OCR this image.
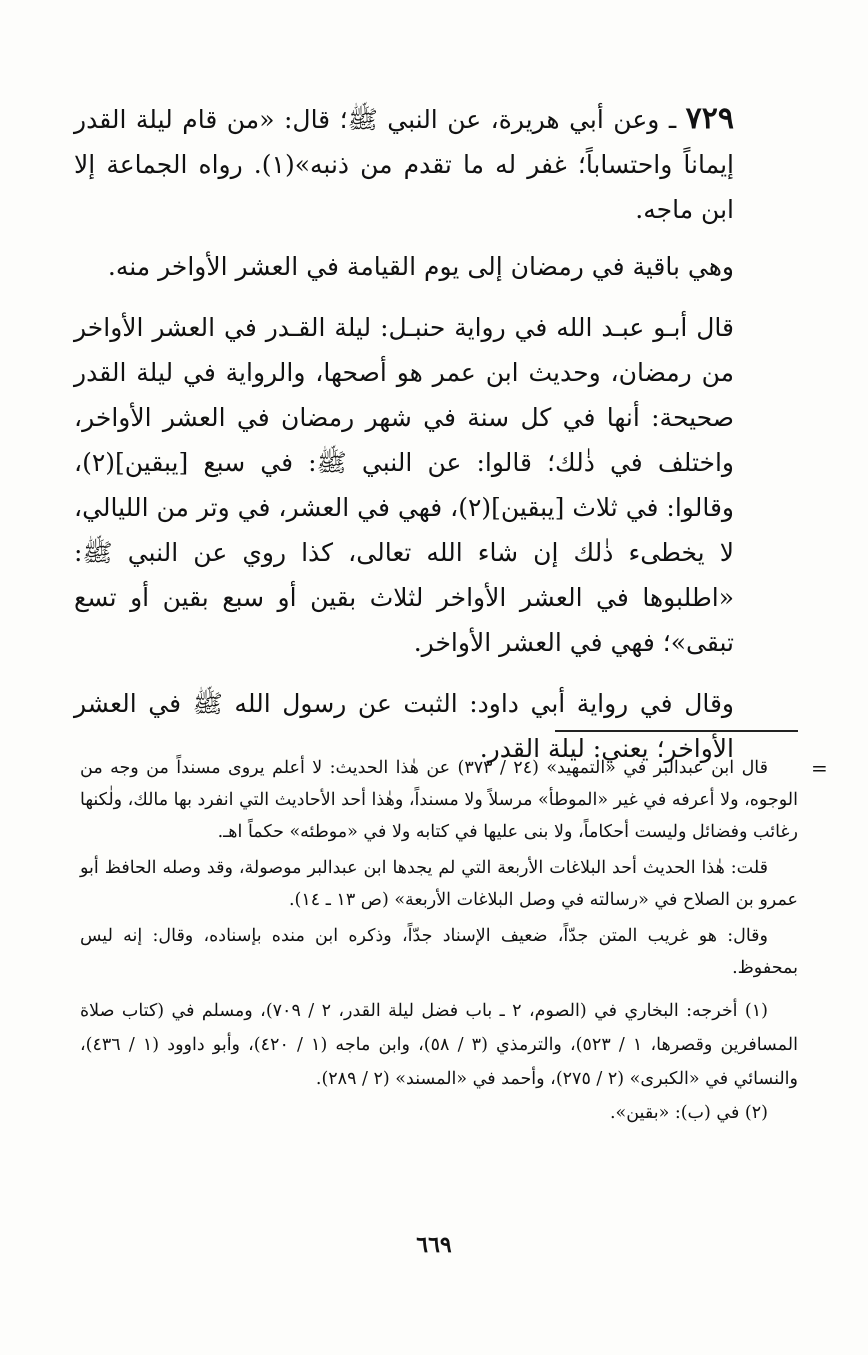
٧٢٩ ـ وعن أبي هريرة، عن النبي ﷺ؛ قال: «من قام ليلة القدر إيماناً واحتساباً؛ غفر له ما تقدم من ذنبه»(١). رواه الجماعة إلا ابن ماجه.

وهي باقية في رمضان إلى يوم القيامة في العشر الأواخر منه.

قال أبـو عبـد الله في رواية حنبـل: ليلة القـدر في العشر الأواخر من رمضان، وحديث ابن عمر هو أصحها، والرواية في ليلة القدر صحيحة: أنها في كل سنة في شهر رمضان في العشر الأواخر، واختلف في ذٰلك؛ قالوا: عن النبي ﷺ: في سبع [يبقين](٢)، وقالوا: في ثلاث [يبقين](٢)، فهي في العشر، في وتر من الليالي، لا يخطىء ذٰلك إن شاء الله تعالى، كذا روي عن النبي ﷺ: «اطلبوها في العشر الأواخر لثلاث بقين أو سبع بقين أو تسع تبقى»؛ فهي في العشر الأواخر.

وقال في رواية أبي داود: الثبت عن رسول الله ﷺ في العشر الأواخر؛ يعني: ليلة القدر.

=

قال ابن عبدالبر في «التمهيد» (٢٤ / ٣٧٣) عن هٰذا الحديث: لا أعلم يروى مسنداً من وجه من الوجوه، ولا أعرفه في غير «الموطأ» مرسلاً ولا مسنداً، وهٰذا أحد الأحاديث التي انفرد بها مالك، ولٰكنها رغائب وفضائل وليست أحكاماً، ولا بنى عليها في كتابه ولا في «موطئه» حكماً اهـ.

قلت: هٰذا الحديث أحد البلاغات الأربعة التي لم يجدها ابن عبدالبر موصولة، وقد وصله الحافظ أبو عمرو بن الصلاح في «رسالته في وصل البلاغات الأربعة» (ص ١٣ ـ ١٤).

وقال: هو غريب المتن جدّاً، ضعيف الإسناد جدّاً، وذكره ابن منده بإسناده، وقال: إنه ليس بمحفوظ.

(١) أخرجه: البخاري في (الصوم، ٢ ـ باب فضل ليلة القدر، ٢ / ٧٠٩)، ومسلم في (كتاب صلاة المسافرين وقصرها، ١ / ٥٢٣)، والترمذي (٣ / ٥٨)، وابن ماجه (١ / ٤٢٠)، وأبو داوود (١ / ٤٣٦)، والنسائي في «الكبرى» (٢ / ٢٧٥)، وأحمد في «المسند» (٢ / ٢٨٩).

(٢) في (ب): «بقين».

٦٦٩
